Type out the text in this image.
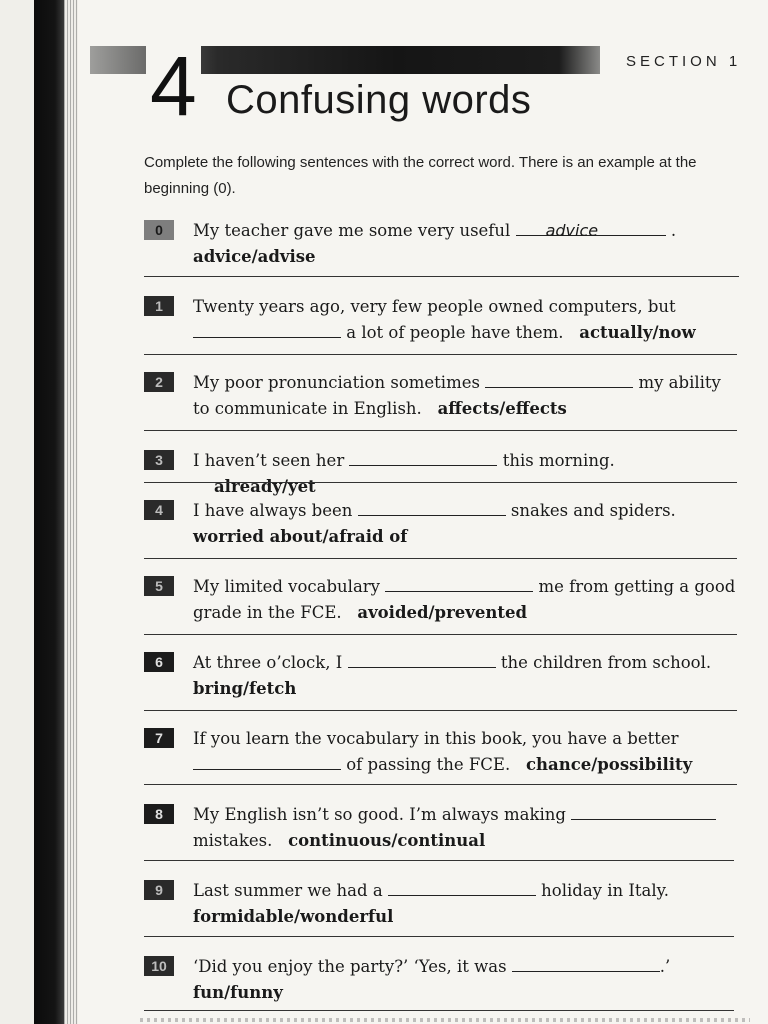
4 Confusing words
SECTION 1
Complete the following sentences with the correct word. There is an example at the beginning (0).
0	My teacher gave me some very useful advice	.
advice/advise
1	Twenty years ago, very few people owned computers, but
a lot of people have them. actually/now
2	My poor pronunciation sometimes	my ability
to communicate in English. affects/effects
3	I haven’t seen her	this morning.     already/yet
4	I have always been	snakes and spiders.
worried about/afraid of
5	My limited vocabulary	me from getting a good
grade in the FCE. avoided/prevented
6	At three o’clock, I	the children from school.
bring/fetch
7	If you learn the vocabulary in this book, you have a better
of passing the FCE. chance/possibility
8	My English isn’t so good. I’m always making
mistakes. continuous/continual
9	Last summer we had a	holiday in Italy.
formidable/wonderful
10	‘Did you enjoy the party?’ ‘Yes, it was	.’
fun/funny
